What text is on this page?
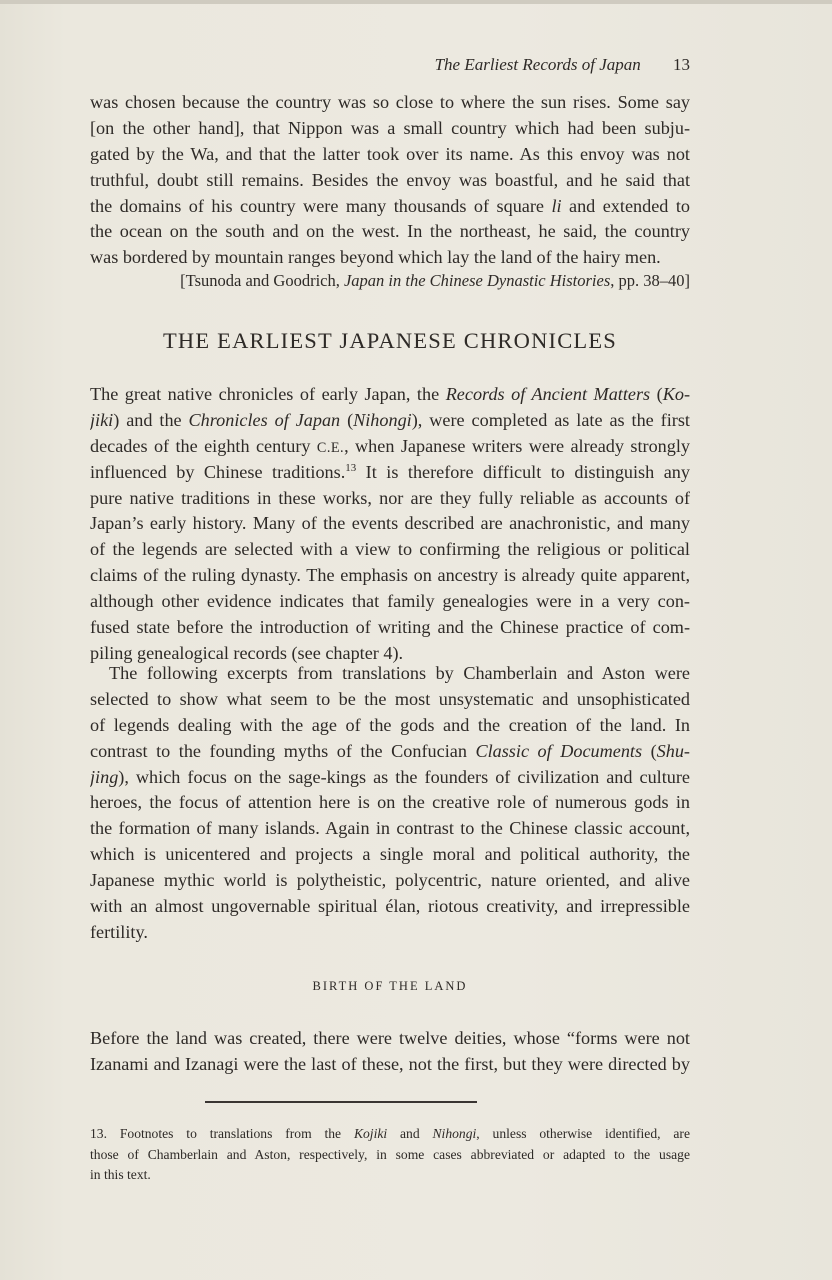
The Earliest Records of Japan 13
was chosen because the country was so close to where the sun rises. Some say
[on the other hand], that Nippon was a small country which had been subju-
gated by the Wa, and that the latter took over its name. As this envoy was not
truthful, doubt still remains. Besides the envoy was boastful, and he said that
the domains of his country were many thousands of square li and extended to
the ocean on the south and on the west. In the northeast, he said, the country
was bordered by mountain ranges beyond which lay the land of the hairy men.
[Tsunoda and Goodrich, Japan in the Chinese Dynastic Histories, pp. 38–40]
THE EARLIEST JAPANESE CHRONICLES
The great native chronicles of early Japan, the Records of Ancient Matters (Ko-
jiki) and the Chronicles of Japan (Nihongi), were completed as late as the first
decades of the eighth century C.E., when Japanese writers were already strongly
influenced by Chinese traditions.$^{13}$ It is therefore difficult to distinguish any
pure native traditions in these works, nor are they fully reliable as accounts of
Japan’s early history. Many of the events described are anachronistic, and many
of the legends are selected with a view to confirming the religious or political
claims of the ruling dynasty. The emphasis on ancestry is already quite apparent,
although other evidence indicates that family genealogies were in a very con-
fused state before the introduction of writing and the Chinese practice of com-
piling genealogical records (see chapter 4).
The following excerpts from translations by Chamberlain and Aston were
selected to show what seem to be the most unsystematic and unsophisticated
of legends dealing with the age of the gods and the creation of the land. In
contrast to the founding myths of the Confucian Classic of Documents (Shu-
jing), which focus on the sage-kings as the founders of civilization and culture
heroes, the focus of attention here is on the creative role of numerous gods in
the formation of many islands. Again in contrast to the Chinese classic account,
which is unicentered and projects a single moral and political authority, the
Japanese mythic world is polytheistic, polycentric, nature oriented, and alive
with an almost ungovernable spiritual élan, riotous creativity, and irrepressible
fertility.
BIRTH OF THE LAND
Before the land was created, there were twelve deities, whose “forms were not
Izanami and Izanagi were the last of these, not the first, but they were directed by
13. Footnotes to translations from the Kojiki and Nihongi, unless otherwise identified, are
those of Chamberlain and Aston, respectively, in some cases abbreviated or adapted to the usage
in this text.
